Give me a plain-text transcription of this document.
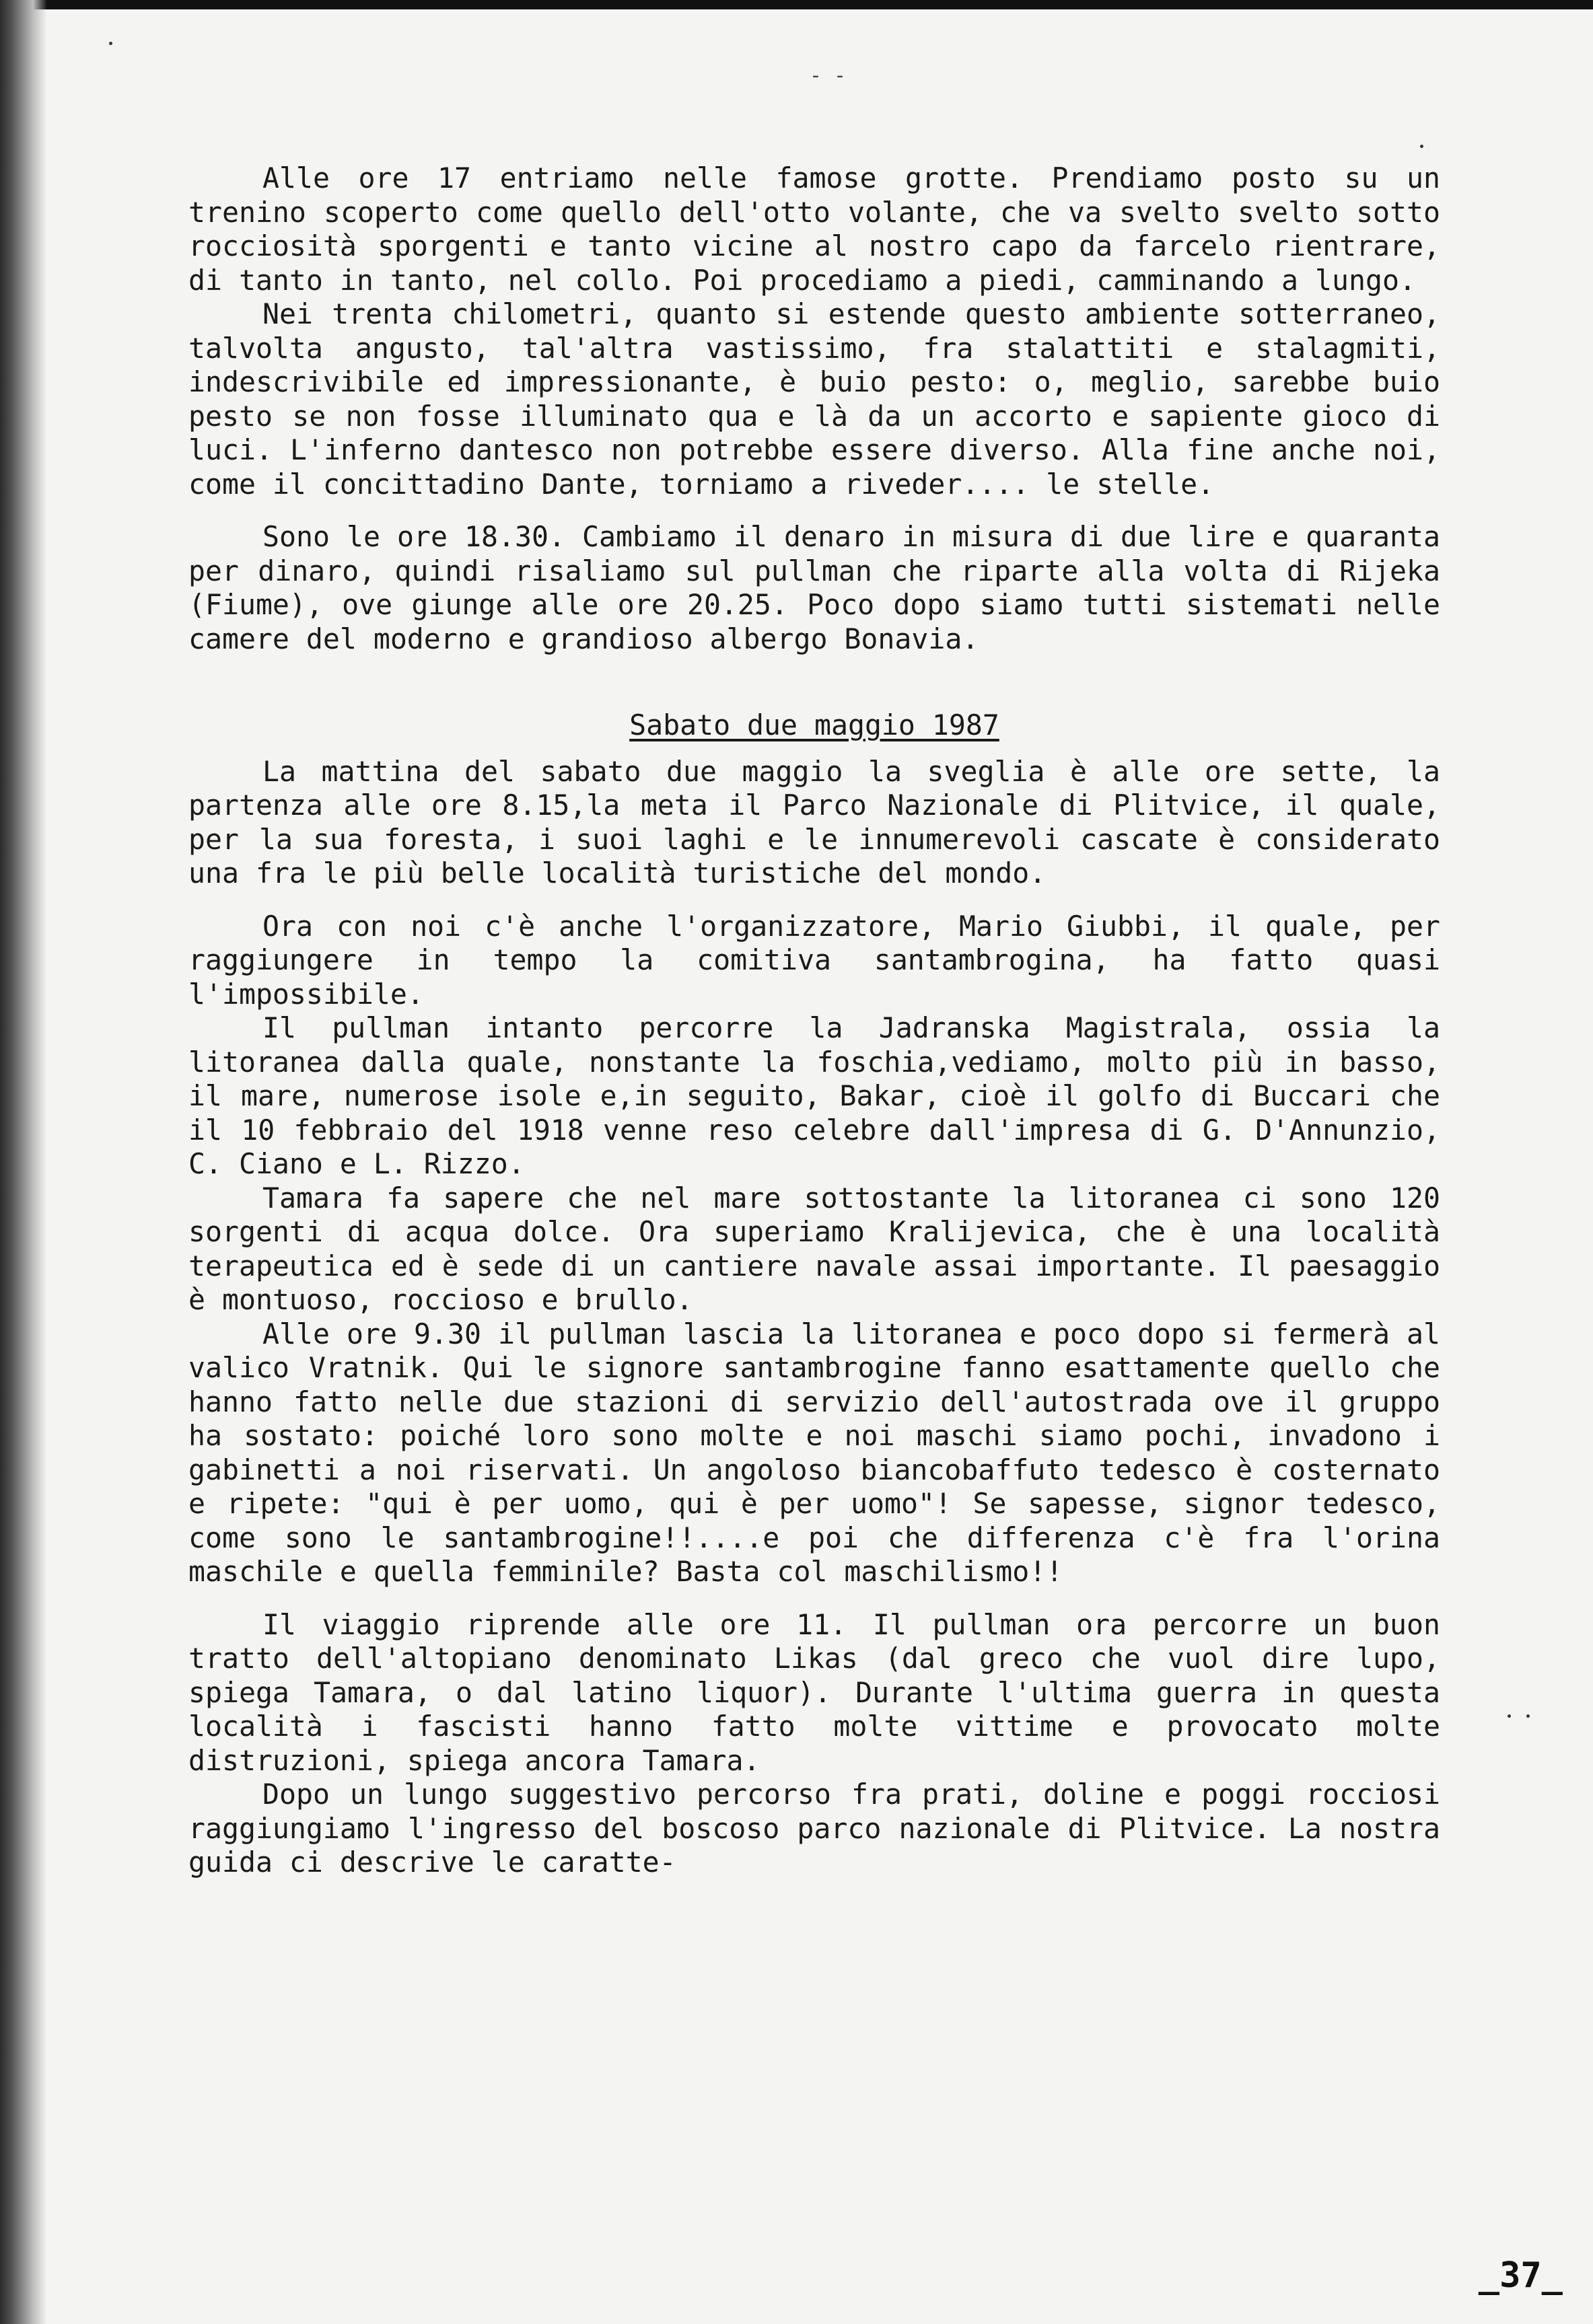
- -

Alle ore 17 entriamo nelle famose grotte. Prendiamo posto su un trenino scoperto come quello dell'otto volante, che va svelto svelto sotto rocciosità sporgenti e tanto vicine al nostro capo da farcelo rientrare, di tanto in tanto, nel collo. Poi procediamo a piedi, camminando a lungo.

Nei trenta chilometri, quanto si estende questo ambiente sotterraneo, talvolta angusto, tal'altra vastissimo, fra stalattiti e stalagmiti, indescrivibile ed impressionante, è buio pesto: o, meglio, sarebbe buio pesto se non fosse illuminato qua e là da un accorto e sapiente gioco di luci. L'inferno dantesco non potrebbe essere diverso. Alla fine anche noi, come il concittadino Dante, torniamo a riveder.... le stelle.

Sono le ore 18.30. Cambiamo il denaro in misura di due lire e quaranta per dinaro, quindi risaliamo sul pullman che riparte alla volta di Rijeka (Fiume), ove giunge alle ore 20.25. Poco dopo siamo tutti sistemati nelle camere del moderno e grandioso albergo Bonavia.

Sabato due maggio 1987

La mattina del sabato due maggio la sveglia è alle ore sette, la partenza alle ore 8.15,la meta il Parco Nazionale di Plitvice, il quale, per la sua foresta, i suoi laghi e le innumerevoli cascate è considerato una fra le più belle località turistiche del mondo.

Ora con noi c'è anche l'organizzatore, Mario Giubbi, il quale, per raggiungere in tempo la comitiva santambrogina, ha fatto quasi l'impossibile.

Il pullman intanto percorre la Jadranska Magistrala, ossia la litoranea dalla quale, nonstante la foschia,vediamo, molto più in basso, il mare, numerose isole e,in seguito, Bakar, cioè il golfo di Buccari che il 10 febbraio del 1918 venne reso celebre dall'impresa di G. D'Annunzio, C. Ciano e L. Rizzo.

Tamara fa sapere che nel mare sottostante la litoranea ci sono 120 sorgenti di acqua dolce. Ora superiamo Kralijevica, che è una località terapeutica ed è sede di un cantiere navale assai importante. Il paesaggio è montuoso, roccioso e brullo.

Alle ore 9.30 il pullman lascia la litoranea e poco dopo si fermerà al valico Vratnik. Qui le signore santambrogine fanno esattamente quello che hanno fatto nelle due stazioni di servizio dell'autostrada ove il gruppo ha sostato: poiché loro sono molte e noi maschi siamo pochi, invadono i gabinetti a noi riservati. Un angoloso biancobaffuto tedesco è costernato e ripete: "qui è per uomo, qui è per uomo"! Se sapesse, signor tedesco, come sono le santambrogine!!....e poi che differenza c'è fra l'orina maschile e quella femminile? Basta col maschilismo!!

Il viaggio riprende alle ore 11. Il pullman ora percorre un buon tratto dell'altopiano denominato Likas (dal greco che vuol dire lupo, spiega Tamara, o dal latino liquor). Durante l'ultima guerra in questa località i fascisti hanno fatto molte vittime e provocato molte distruzioni, spiega ancora Tamara.

Dopo un lungo suggestivo percorso fra prati, doline e poggi rocciosi raggiungiamo l'ingresso del boscoso parco nazionale di Plitvice. La nostra guida ci descrive le caratte-

_37_
